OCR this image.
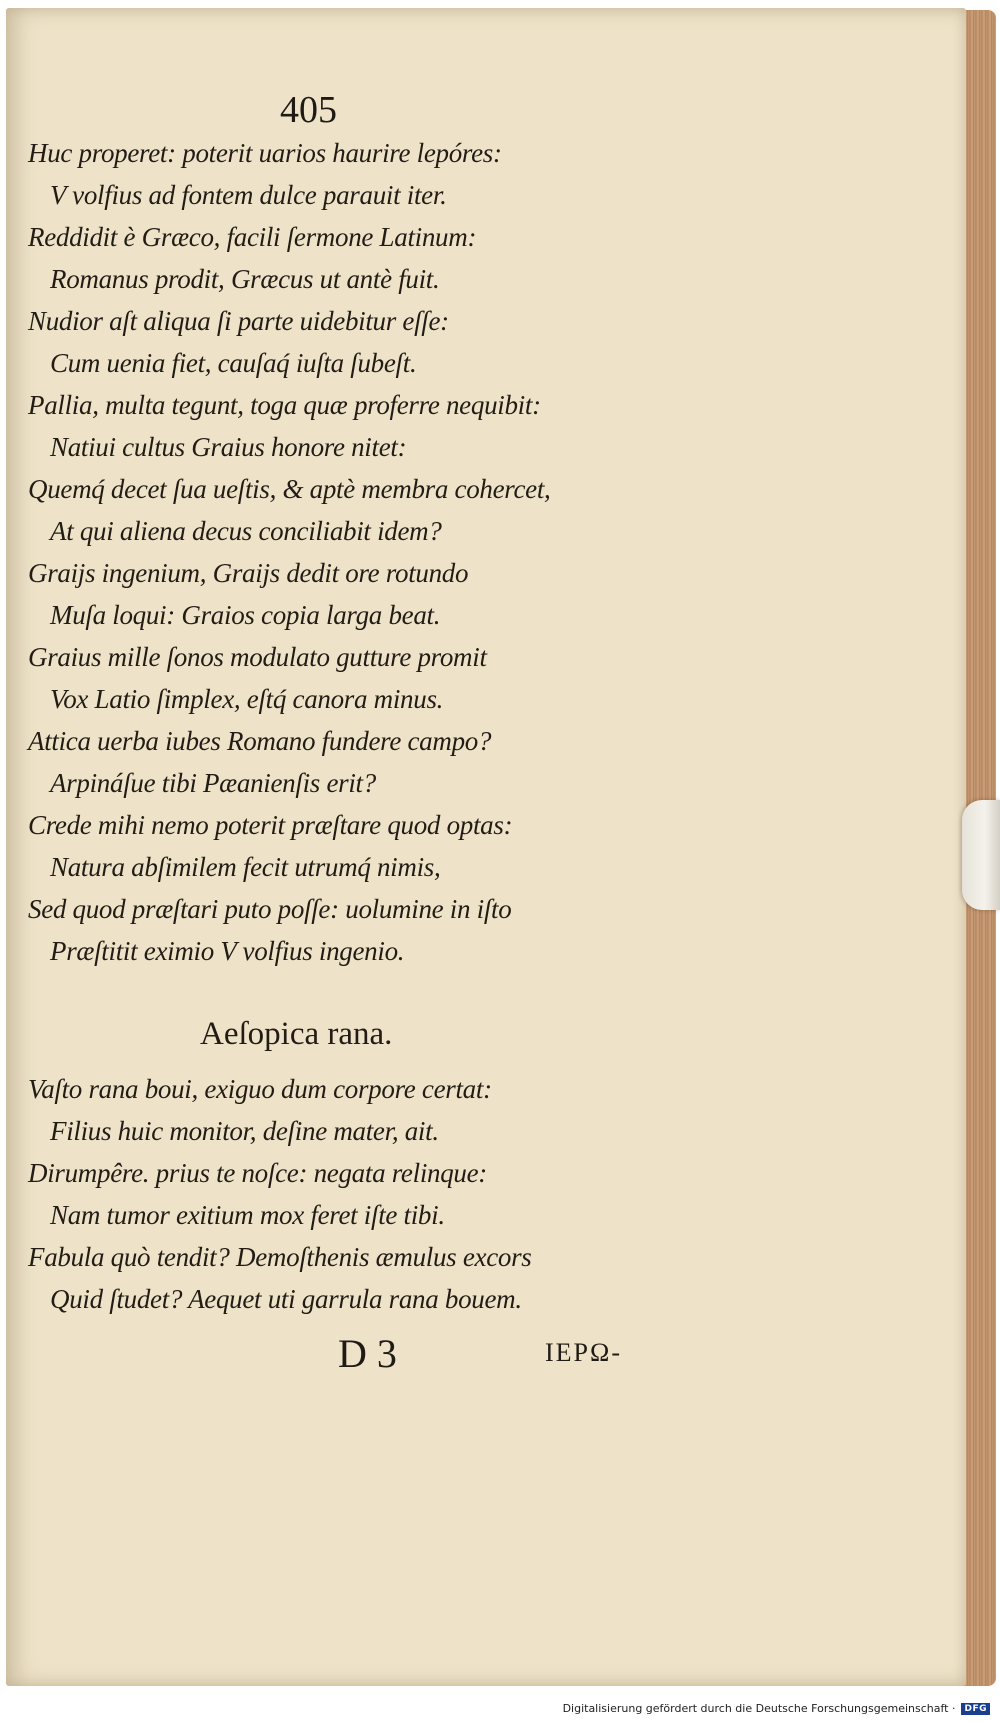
405
Huc properet: poterit uarios haurire lepóres:
V volfius ad fontem dulce parauit iter.
Reddidit è Græco, facili ſermone Latinum:
Romanus prodit, Græcus ut antè fuit.
Nudior aſt aliqua ſi parte uidebitur eſſe:
Cum uenia fiet, cauſaq́ iuſta ſubeſt.
Pallia, multa tegunt, toga quæ proferre nequibit:
Natiui cultus Graius honore nitet:
Quemq́ decet ſua ueſtis, & aptè membra cohercet,
At qui aliena decus conciliabit idem?
Graijs ingenium, Graijs dedit ore rotundo
Muſa loqui: Graios copia larga beat.
Graius mille ſonos modulato gutture promit
Vox Latio ſimplex, eſtq́ canora minus.
Attica uerba iubes Romano fundere campo?
Arpináſue tibi Pæanienſis erit?
Crede mihi nemo poterit præſtare quod optas:
Natura abſimilem fecit utrumq́ nimis,
Sed quod præſtari puto poſſe: uolumine in iſto
Præſtitit eximio V volfius ingenio.
Aeſopica rana.
Vaſto rana boui, exiguo dum corpore certat:
Filius huic monitor, deſine mater, ait.
Dirumpêre. prius te noſce: negata relinque:
Nam tumor exitium mox feret iſte tibi.
Fabula quò tendit? Demoſthenis æmulus excors
Quid ſtudet? Aequet uti garrula rana bouem.
D 3	IEPΩ-
Digitalisierung gefördert durch die Deutsche Forschungsgemeinschaft ·	DFG
